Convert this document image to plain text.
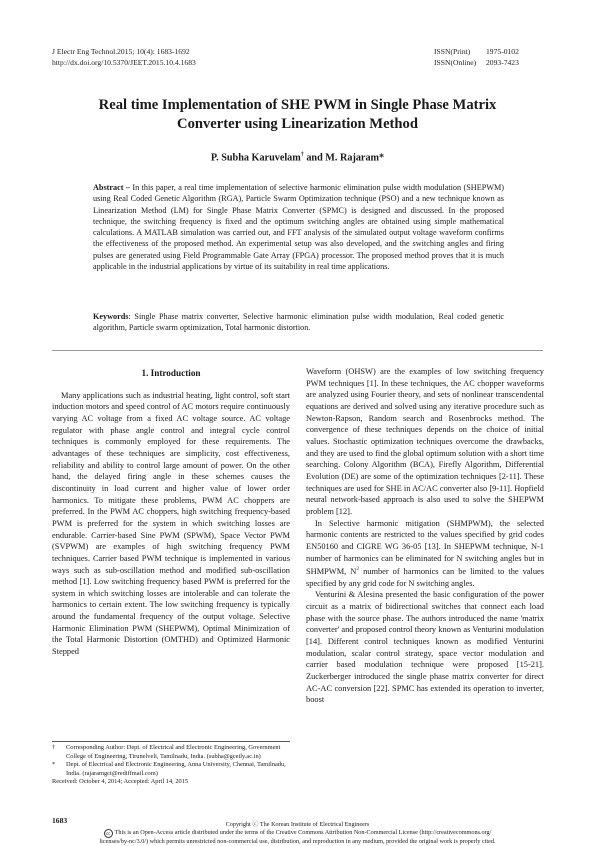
J Electr Eng Technol.2015; 10(4): 1683-1692
http://dx.doi.org/10.5370/JEET.2015.10.4.1683
ISSN(Print)	1975-0102
ISSN(Online)	2093-7423
Real time Implementation of SHE PWM in Single Phase Matrix
Converter using Linearization Method
P. Subha Karuvelam† and M. Rajaram*
Abstract – In this paper, a real time implementation of selective harmonic elimination pulse width modulation (SHEPWM) using Real Coded Genetic Algorithm (RGA), Particle Swarm Optimization technique (PSO) and a new technique known as Linearization Method (LM) for Single Phase Matrix Converter (SPMC) is designed and discussed. In the proposed technique, the switching frequency is fixed and the optimum switching angles are obtained using simple mathematical calculations. A MATLAB simulation was carried out, and FFT analysis of the simulated output voltage waveform confirms the effectiveness of the proposed method. An experimental setup was also developed, and the switching angles and firing pulses are generated using Field Programmable Gate Array (FPGA) processor. The proposed method proves that it is much applicable in the industrial applications by virtue of its suitability in real time applications.
Keywords: Single Phase matrix converter, Selective harmonic elimination pulse width modulation, Real coded genetic algorithm, Particle swarm optimization, Total harmonic distortion.
1. Introduction

Many applications such as industrial heating, light control, soft start induction motors and speed control of AC motors require continuously varying AC voltage from a fixed AC voltage source. AC voltage regulator with phase angle control and integral cycle control techniques is commonly employed for these requirements. The advantages of these techniques are simplicity, cost effectiveness, reliability and ability to control large amount of power. On the other hand, the delayed firing angle in these schemes causes the discontinuity in load current and higher value of lower order harmonics. To mitigate these problems, PWM AC choppers are preferred. In the PWM AC choppers, high switching frequency-based PWM is preferred for the system in which switching losses are endurable. Carrier-based Sine PWM (SPWM), Space Vector PWM (SVPWM) are examples of high switching frequency PWM techniques. Carrier based PWM technique is implemented in various ways such as sub-oscillation method and modified sub-oscillation method [1]. Low switching frequency based PWM is preferred for the system in which switching losses are intolerable and can tolerate the harmonics to certain extent. The low switching frequency is typically around the fundamental frequency of the output voltage. Selective Harmonic Elimination PWM (SHEPWM), Optimal Minimization of the Total Harmonic Distortion (OMTHD) and Optimized Harmonic Stepped

Waveform (OHSW) are the examples of low switching frequency PWM techniques [1]. In these techniques, the AC chopper waveforms are analyzed using Fourier theory, and sets of nonlinear transcendental equations are derived and solved using any iterative procedure such as Newton-Rapson, Random search and Rosenbrocks method. The convergence of these techniques depends on the choice of initial values. Stochastic optimization techniques overcome the drawbacks, and they are used to find the global optimum solution with a short time searching. Colony Algorithm (BCA), Firefly Algorithm, Differential Evolution (DE) are some of the optimization techniques [2-11]. These techniques are used for SHE in AC/AC converter also [9-11]. Hopfield neural network-based approach is also used to solve the SHEPWM problem [12].

In Selective harmonic mitigation (SHMPWM), the selected harmonic contents are restricted to the values specified by grid codes EN50160 and CIGRE WG 36-05 [13]. In SHEPWM technique, N-1 number of harmonics can be eliminated for N switching angles but in SHMPWM, $N^2$ number of harmonics can be limited to the values specified by any grid code for N switching angles.

Venturini & Alesina presented the basic configuration of the power circuit as a matrix of bidirectional switches that connect each load phase with the source phase. The authors introduced the name 'matrix converter' and proposed control theory known as Venturini modulation [14]. Different control techniques known as modified Venturini modulation, scalar control strategy, space vector modulation and carrier based modulation technique were proposed [15-21]. Zuckerberger introduced the single phase matrix converter for direct AC-AC conversion [22]. SPMC has extended its operation to inverter, boost

†	Corresponding Author: Dept. of Electrical and Electronic Engineering, Government College of Engineering, Tirunelveli, Tamilnadu, India. (subha@gcetly.ac.in)
*	Dept. of Electrical and Electronic Engineering, Anna University, Chennai, Tamilnadu, India. (rajaramgct@rediffmail.com)
Received: October 4, 2014; Accepted: April 14, 2015
1683	Copyright ⓒ The Korean Institute of Electrical Engineers
cc This is an Open-Access article distributed under the terms of the Creative Commons Attribution Non-Commercial License (http://creativecommons.org/
licenses/by-nc/3.0/) which permits unrestricted non-commercial use, distribution, and reproduction in any medium, provided the original work is properly cited.
